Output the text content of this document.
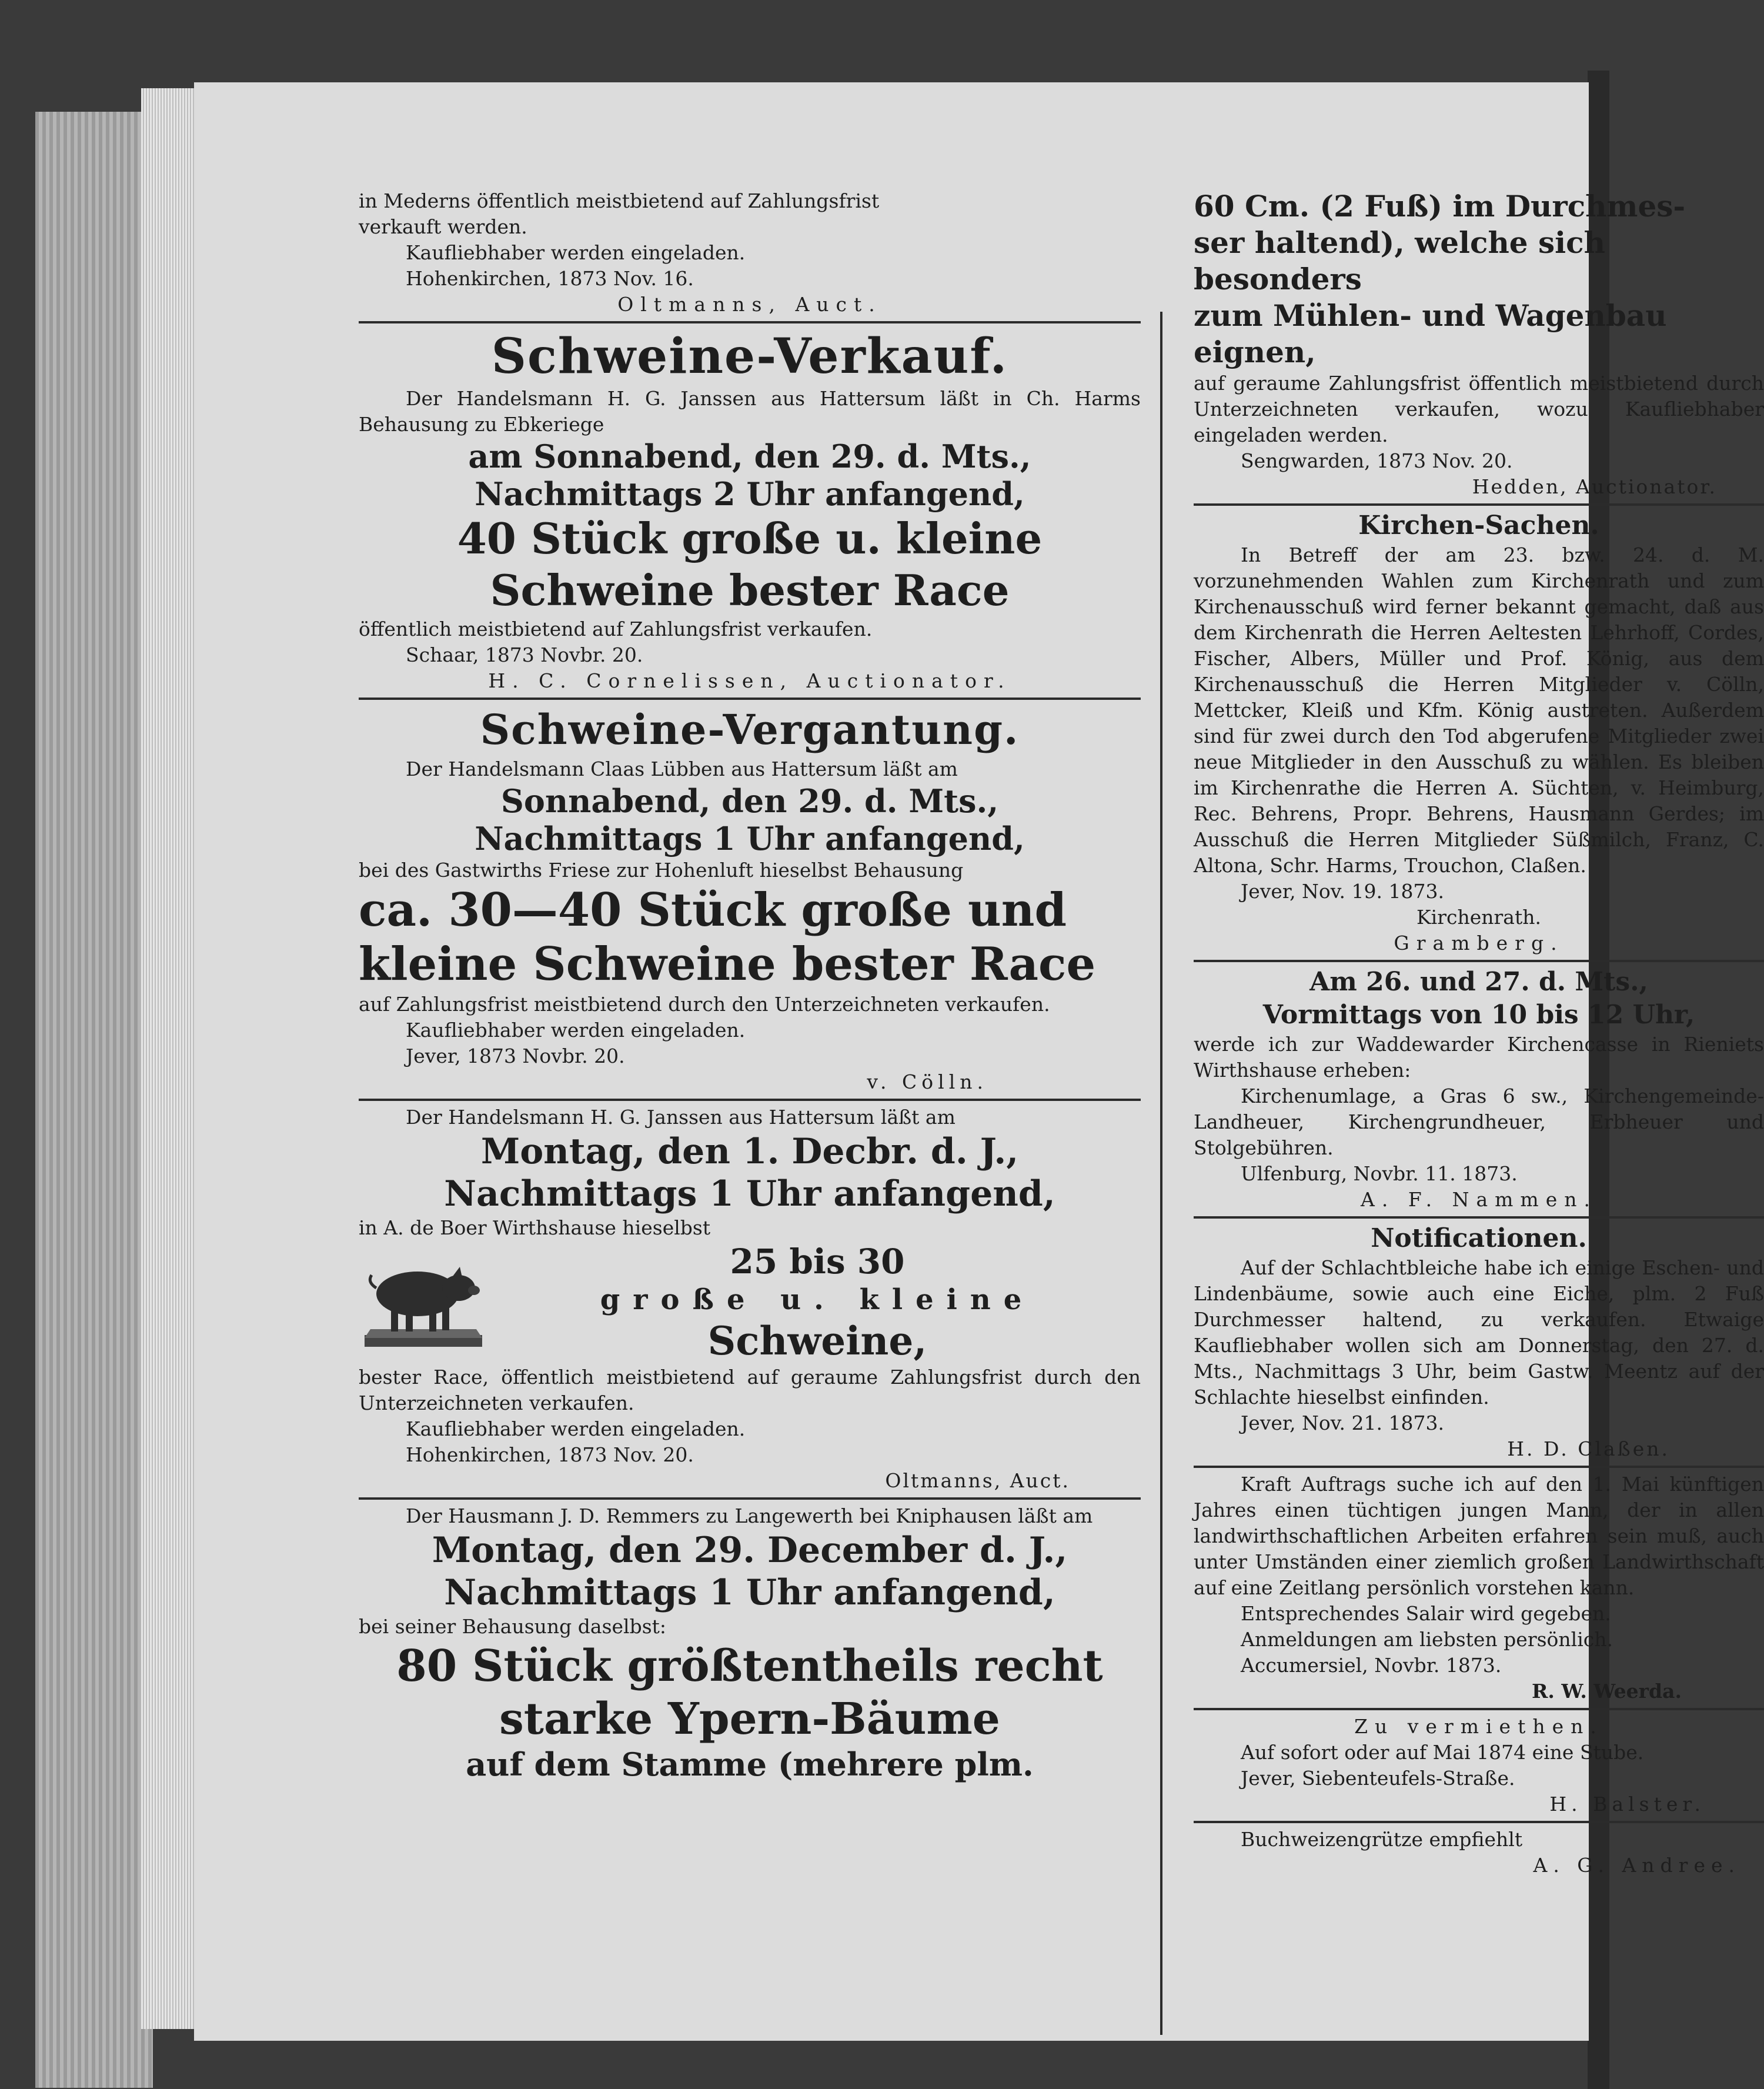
in Mederns öffentlich meistbietend auf Zahlungsfrist

verkauft werden.

Kaufliebhaber werden eingeladen.

Hohenkirchen, 1873 Nov. 16.

Oltmanns, Auct.

Schweine-Verkauf.

Der Handelsmann H. G. Janssen aus Hattersum läßt in Ch. Harms Behausung zu Ebkeriege

am Sonnabend, den 29. d. Mts.,

Nachmittags 2 Uhr anfangend,

40 Stück große u. kleine

Schweine bester Race

öffentlich meistbietend auf Zahlungsfrist verkaufen.

Schaar, 1873 Novbr. 20.

H. C. Cornelissen, Auctionator.

Schweine-Vergantung.

Der Handelsmann Claas Lübben aus Hattersum läßt am

Sonnabend, den 29. d. Mts.,

Nachmittags 1 Uhr anfangend,

bei des Gastwirths Friese zur Hohenluft hieselbst Behausung

ca. 30—40 Stück große und kleine Schweine bester Race

auf Zahlungsfrist meistbietend durch den Unterzeichneten verkaufen.

Kaufliebhaber werden eingeladen.

Jever, 1873 Novbr. 20.

v. Cölln.

Der Handelsmann H. G. Janssen aus Hattersum läßt am

Montag, den 1. Decbr. d. J.,

Nachmittags 1 Uhr anfangend,

in A. de Boer Wirthshause hieselbst

25 bis 30

große u. kleine

Schweine,

bester Race, öffentlich meistbietend auf geraume Zahlungsfrist durch den Unterzeichneten verkaufen.

Kaufliebhaber werden eingeladen.

Hohenkirchen, 1873 Nov. 20.

Oltmanns, Auct.

Der Hausmann J. D. Remmers zu Langewerth bei Kniphausen läßt am

Montag, den 29. December d. J.,

Nachmittags 1 Uhr anfangend,

bei seiner Behausung daselbst:

80 Stück größtentheils recht

starke Ypern-Bäume

auf dem Stamme (mehrere plm.

60 Cm. (2 Fuß) im Durchmes-

ser haltend), welche sich besonders

zum Mühlen- und Wagenbau

eignen,

auf geraume Zahlungsfrist öffentlich meistbietend durch Unterzeichneten verkaufen, wozu Kaufliebhaber eingeladen werden.

Sengwarden, 1873 Nov. 20.

Hedden, Auctionator.

Kirchen-Sachen.

In Betreff der am 23. bzw. 24. d. M. vorzunehmenden Wahlen zum Kirchenrath und zum Kirchenausschuß wird ferner bekannt gemacht, daß aus dem Kirchenrath die Herren Aeltesten Lehrhoff, Cordes, Fischer, Albers, Müller und Prof. König, aus dem Kirchenausschuß die Herren Mitglieder v. Cölln, Mettcker, Kleiß und Kfm. König austreten. Außerdem sind für zwei durch den Tod abgerufene Mitglieder zwei neue Mitglieder in den Ausschuß zu wählen. Es bleiben im Kirchenrathe die Herren A. Süchten, v. Heimburg, Rec. Behrens, Propr. Behrens, Hausmann Gerdes; im Ausschuß die Herren Mitglieder Süßmilch, Franz, C. Altona, Schr. Harms, Trouchon, Claßen.

Jever, Nov. 19. 1873.

Kirchenrath.

Gramberg.

Am 26. und 27. d. Mts.,

Vormittags von 10 bis 12 Uhr,

werde ich zur Waddewarder Kirchencasse in Rieniets Wirthshause erheben:

Kirchenumlage, a Gras 6 sw., Kirchengemeinde-Landheuer, Kirchengrundheuer, Erbheuer und Stolgebühren.

Ulfenburg, Novbr. 11. 1873.

A. F. Nammen.

Notificationen.

Auf der Schlachtbleiche habe ich einige Eschen- und Lindenbäume, sowie auch eine Eiche, plm. 2 Fuß Durchmesser haltend, zu verkaufen. Etwaige Kaufliebhaber wollen sich am Donnerstag, den 27. d. Mts., Nachmittags 3 Uhr, beim Gastw. Meentz auf der Schlachte hieselbst einfinden.

Jever, Nov. 21. 1873.

H. D. Claßen.

Kraft Auftrags suche ich auf den 1. Mai künftigen Jahres einen tüchtigen jungen Mann, der in allen landwirthschaftlichen Arbeiten erfahren sein muß, auch unter Umständen einer ziemlich großen Landwirthschaft auf eine Zeitlang persönlich vorstehen kann.

Entsprechendes Salair wird gegeben.

Anmeldungen am liebsten persönlich.

Accumersiel, Novbr. 1873.

R. W. Weerda.

Zu vermiethen.

Auf sofort oder auf Mai 1874 eine Stube.

Jever, Siebenteufels-Straße.

H. Balster.

Buchweizengrütze empfiehlt

A. G. Andree.
